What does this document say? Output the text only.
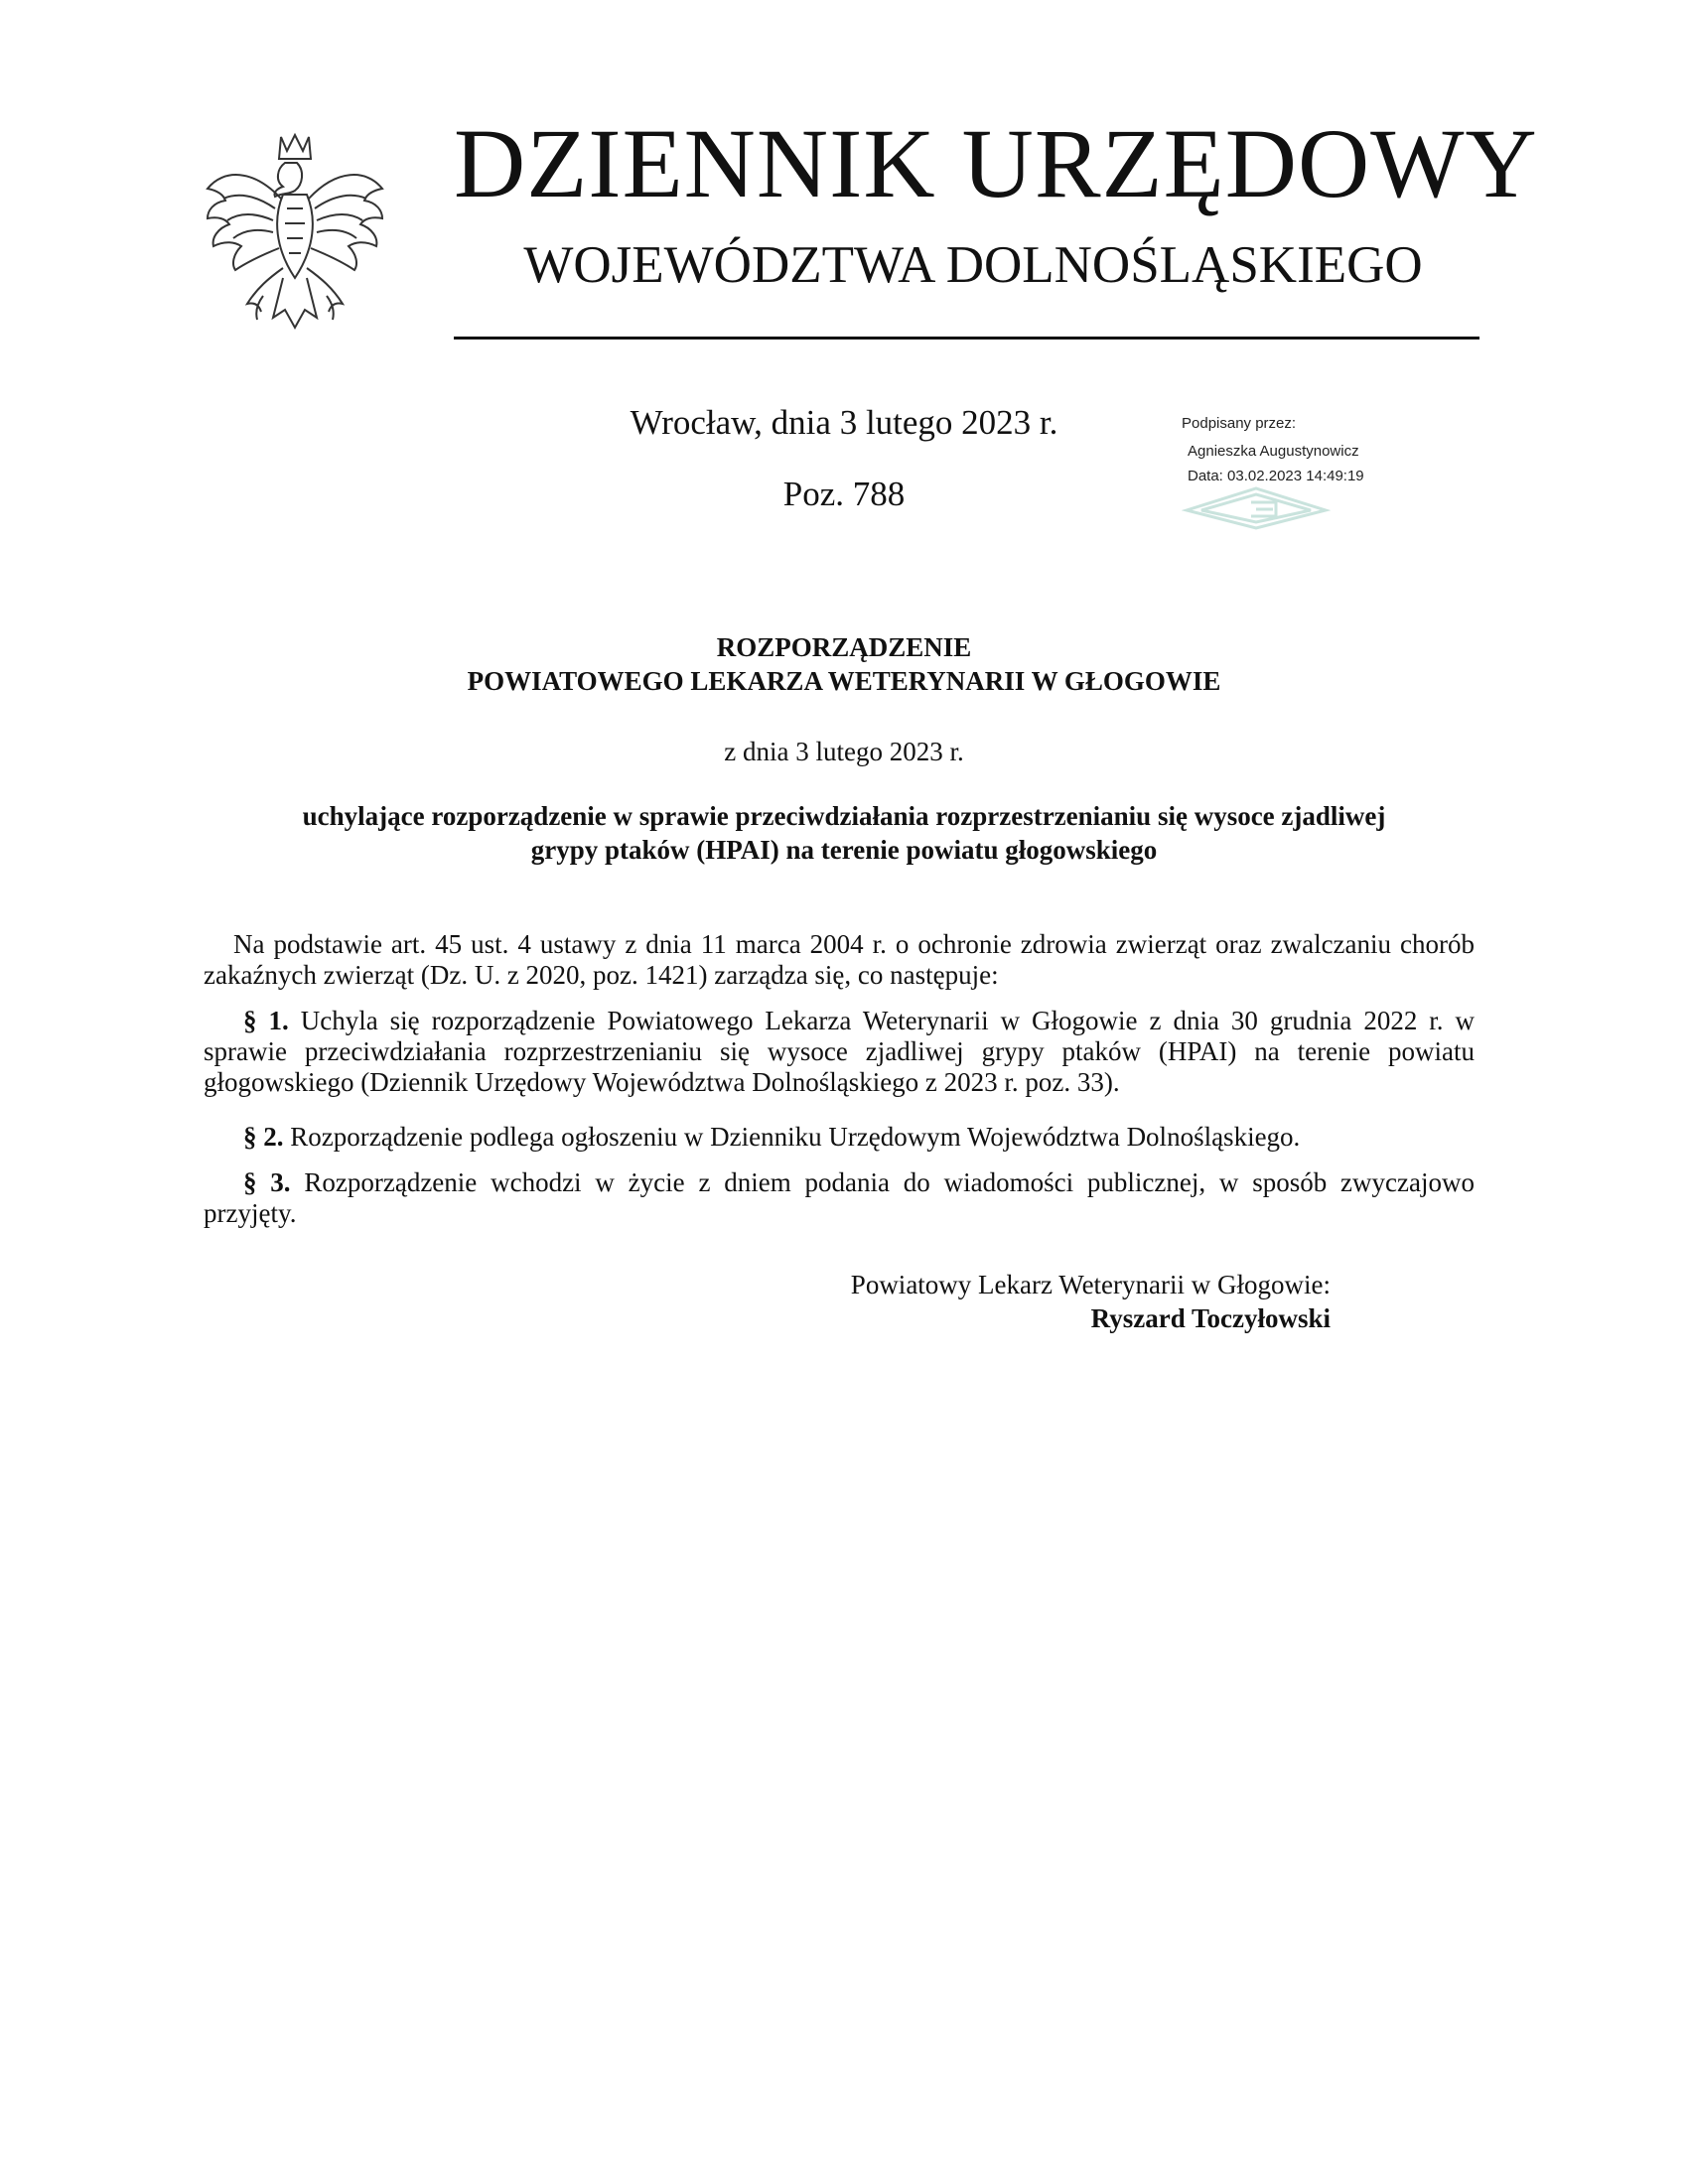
DZIENNIK URZĘDOWY
WOJEWÓDZTWA DOLNOŚLĄSKIEGO
Wrocław, dnia 3 lutego 2023 r.
Poz. 788
Podpisany przez:
Agnieszka Augustynowicz
Data: 03.02.2023 14:49:19
ROZPORZĄDZENIE
POWIATOWEGO LEKARZA WETERYNARII W GŁOGOWIE
z dnia 3 lutego 2023 r.
uchylające rozporządzenie w sprawie przeciwdziałania rozprzestrzenianiu się wysoce zjadliwej
grypy ptaków (HPAI) na terenie powiatu głogowskiego
Na podstawie art. 45 ust. 4 ustawy z dnia 11 marca 2004 r. o ochronie zdrowia zwierząt oraz zwalczaniu chorób zakaźnych zwierząt (Dz. U. z 2020, poz. 1421) zarządza się, co następuje:
§ 1. Uchyla się rozporządzenie Powiatowego Lekarza Weterynarii w Głogowie z dnia 30 grudnia 2022 r. w sprawie przeciwdziałania rozprzestrzenianiu się wysoce zjadliwej grypy ptaków (HPAI) na terenie powiatu głogowskiego (Dziennik Urzędowy Województwa Dolnośląskiego z 2023 r. poz. 33).
§ 2. Rozporządzenie podlega ogłoszeniu w Dzienniku Urzędowym Województwa Dolnośląskiego.
§ 3. Rozporządzenie wchodzi w życie z dniem podania do wiadomości publicznej, w sposób zwyczajowo przyjęty.
Powiatowy Lekarz Weterynarii w Głogowie:
Ryszard Toczyłowski
